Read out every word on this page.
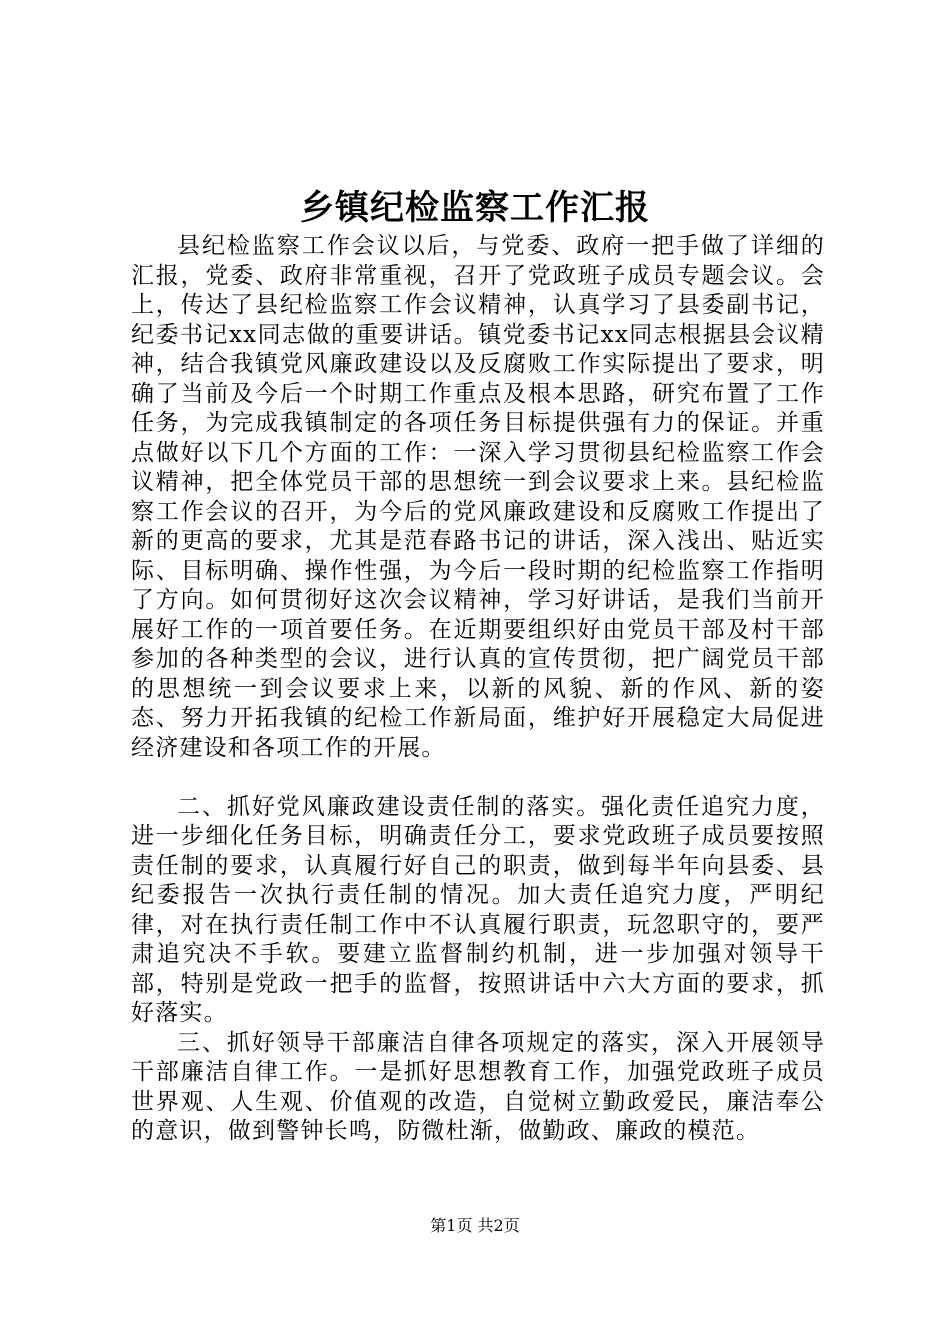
乡镇纪检监察工作汇报

县纪检监察工作会议以后，与党委、政府一把手做了详细的汇报，党委、政府非常重视，召开了党政班子成员专题会议。会上，传达了县纪检监察工作会议精神，认真学习了县委副书记，纪委书记xx同志做的重要讲话。镇党委书记xx同志根据县会议精神，结合我镇党风廉政建设以及反腐败工作实际提出了要求，明确了当前及今后一个时期工作重点及根本思路，研究布置了工作任务，为完成我镇制定的各项任务目标提供强有力的保证。并重点做好以下几个方面的工作：一深入学习贯彻县纪检监察工作会议精神，把全体党员干部的思想统一到会议要求上来。县纪检监察工作会议的召开，为今后的党风廉政建设和反腐败工作提出了新的更高的要求，尤其是范春路书记的讲话，深入浅出、贴近实际、目标明确、操作性强，为今后一段时期的纪检监察工作指明了方向。如何贯彻好这次会议精神，学习好讲话，是我们当前开展好工作的一项首要任务。在近期要组织好由党员干部及村干部参加的各种类型的会议，进行认真的宣传贯彻，把广阔党员干部的思想统一到会议要求上来，以新的风貌、新的作风、新的姿态、努力开拓我镇的纪检工作新局面，维护好开展稳定大局促进经济建设和各项工作的开展。

二、抓好党风廉政建设责任制的落实。强化责任追究力度，进一步细化任务目标，明确责任分工，要求党政班子成员要按照责任制的要求，认真履行好自己的职责，做到每半年向县委、县纪委报告一次执行责任制的情况。加大责任追究力度，严明纪律，对在执行责任制工作中不认真履行职责，玩忽职守的，要严肃追究决不手软。要建立监督制约机制，进一步加强对领导干部，特别是党政一把手的监督，按照讲话中六大方面的要求，抓好落实。

三、抓好领导干部廉洁自律各项规定的落实，深入开展领导干部廉洁自律工作。一是抓好思想教育工作，加强党政班子成员世界观、人生观、价值观的改造，自觉树立勤政爱民，廉洁奉公的意识，做到警钟长鸣，防微杜渐，做勤政、廉政的模范。

第1页 共2页
